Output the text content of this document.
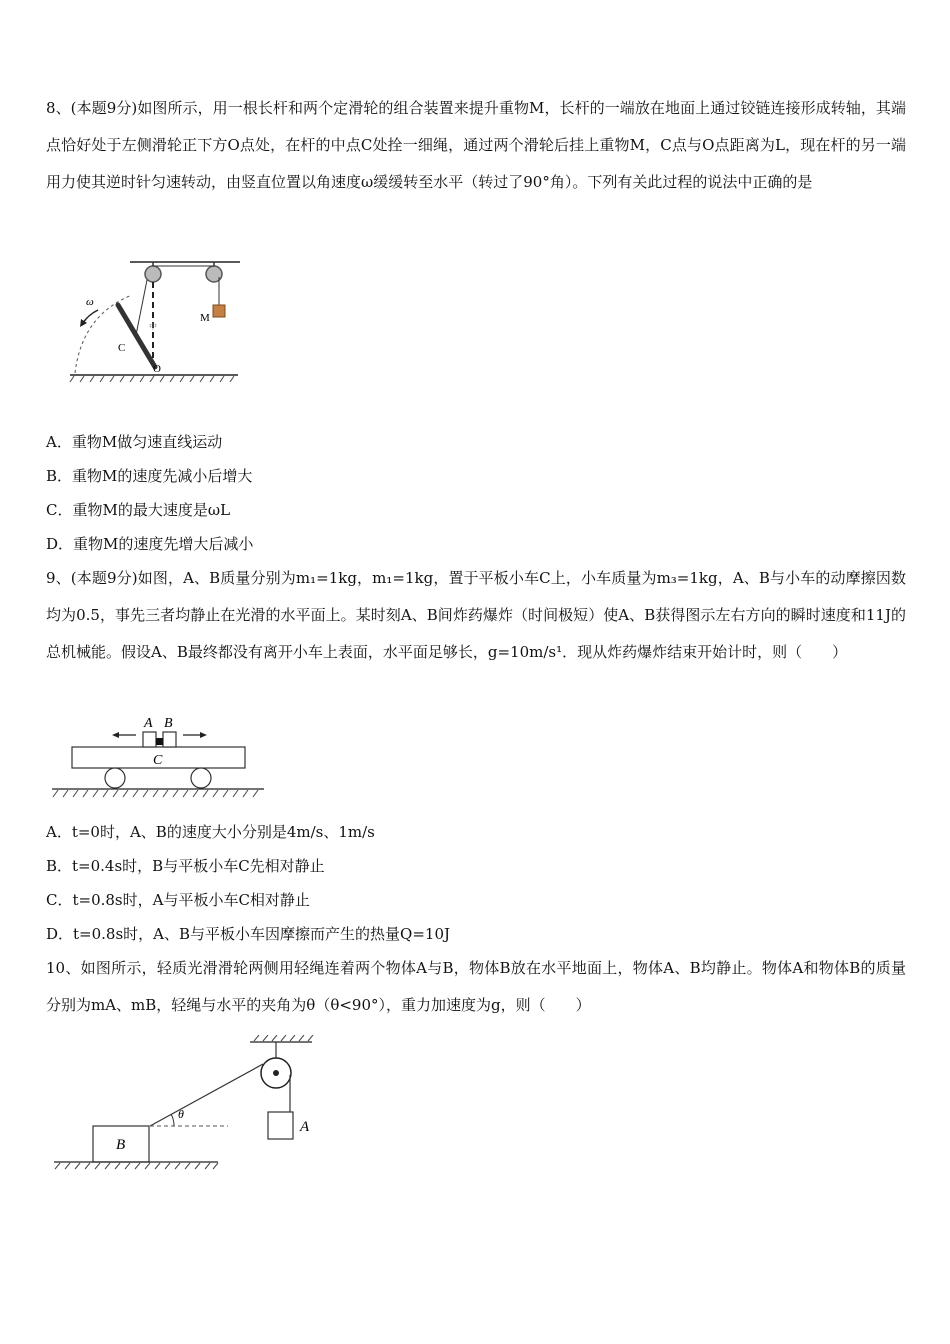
8、(本题9分)如图所示，用一根长杆和两个定滑轮的组合装置来提升重物M，长杆的一端放在地面上通过铰链连接形成转轴，其端点恰好处于左侧滑轮正下方O点处，在杆的中点C处拴一细绳，通过两个滑轮后挂上重物M，C点与O点距离为L，现在杆的另一端用力使其逆时针匀速转动，由竖直位置以角速度ω缓缓转至水平（转过了90°角）。下列有关此过程的说法中正确的是
ω
C
O
M
中
A．重物M做匀速直线运动
B．重物M的速度先减小后增大
C．重物M的最大速度是ωL
D．重物M的速度先增大后减小
9、(本题9分)如图，A、B质量分别为m₁=1kg，m₁=1kg，置于平板小车C上，小车质量为m₃=1kg，A、B与小车的动摩擦因数均为0.5，事先三者均静止在光滑的水平面上。某时刻A、B间炸药爆炸（时间极短）使A、B获得图示左右方向的瞬时速度和11J的总机械能。假设A、B最终都没有离开小车上表面，水平面足够长，g=10m/s¹．现从炸药爆炸结束开始计时，则（　　）
A B
C
A．t=0时，A、B的速度大小分别是4m/s、1m/s
B．t=0.4s时，B与平板小车C先相对静止
C．t=0.8s时，A与平板小车C相对静止
D．t=0.8s时，A、B与平板小车因摩擦而产生的热量Q=10J
10、如图所示，轻质光滑滑轮两侧用轻绳连着两个物体A与B，物体B放在水平地面上，物体A、B均静止。物体A和物体B的质量分别为mA、mB，轻绳与水平的夹角为θ（θ<90°），重力加速度为g，则（　　）
B
A
θ
